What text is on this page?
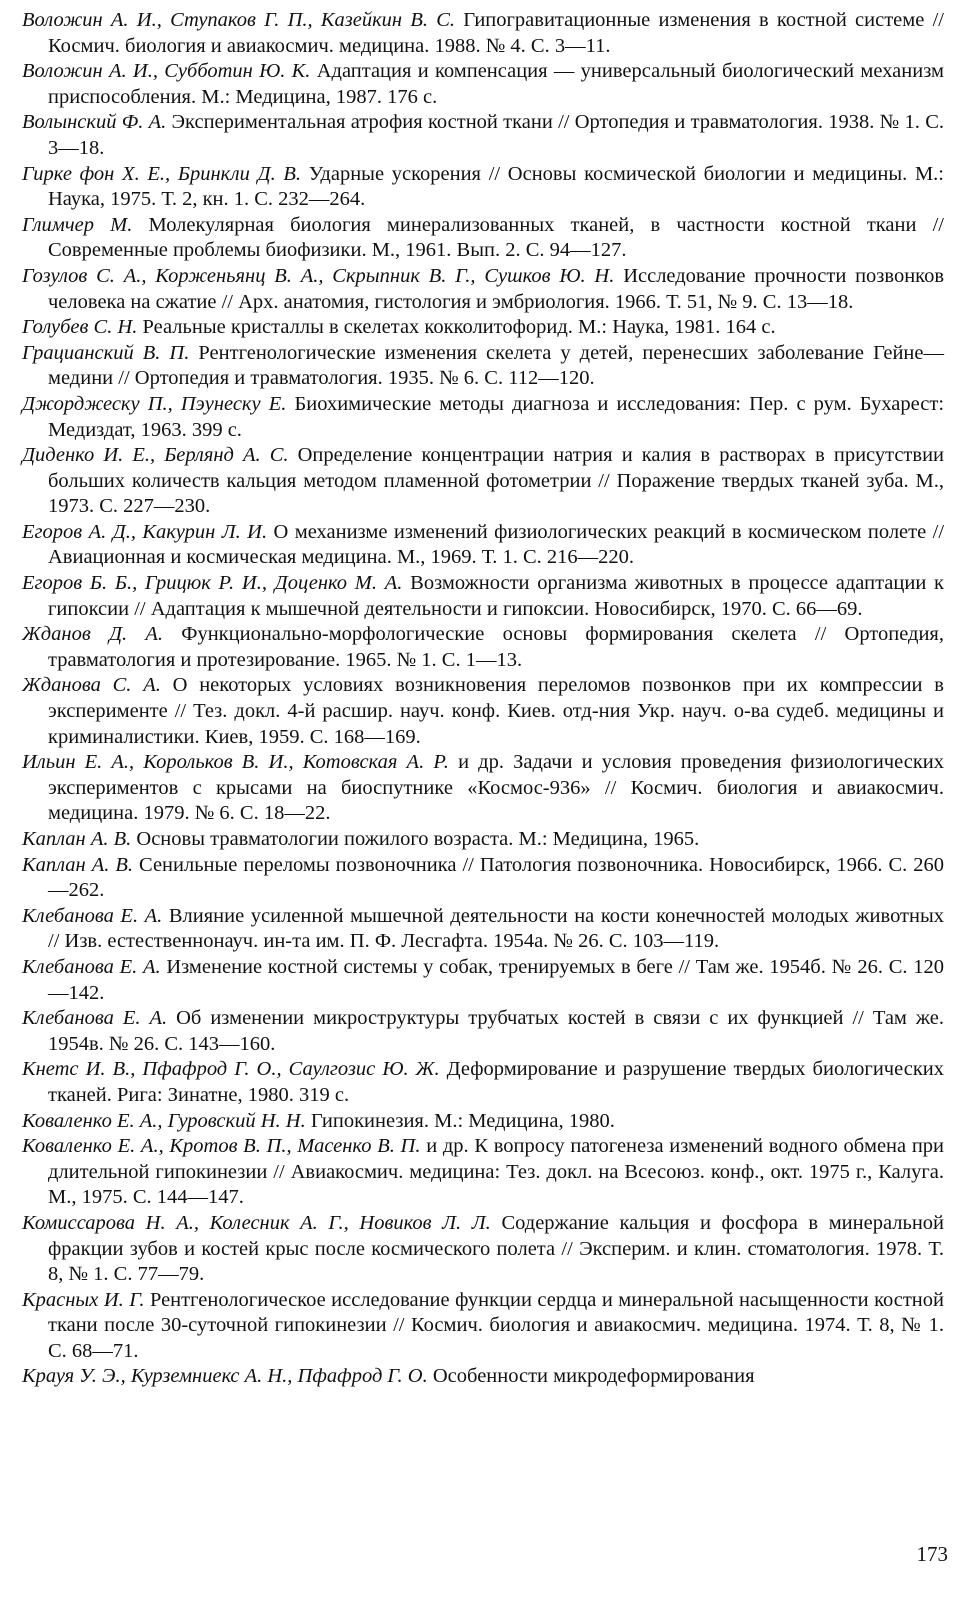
Воложин А. И., Ступаков Г. П., Казейкин В. С. Гипогравитационные изменения в костной системе // Космич. биология и авиакосмич. медицина. 1988. № 4. С. 3—11.

Воложин А. И., Субботин Ю. К. Адаптация и компенсация — универсальный биологический механизм приспособления. М.: Медицина, 1987. 176 с.

Волынский Ф. А. Экспериментальная атрофия костной ткани // Ортопедия и травматология. 1938. № 1. С. 3—18.

Гирке фон Х. Е., Бринкли Д. В. Ударные ускорения // Основы космической биологии и медицины. М.: Наука, 1975. Т. 2, кн. 1. С. 232—264.

Глимчер М. Молекулярная биология минерализованных тканей, в частности костной ткани // Современные проблемы биофизики. М., 1961. Вып. 2. С. 94—127.

Гозулов С. А., Корженьянц В. А., Скрыпник В. Г., Сушков Ю. Н. Исследование прочности позвонков человека на сжатие // Арх. анатомия, гистология и эмбриология. 1966. Т. 51, № 9. С. 13—18.

Голубев С. Н. Реальные кристаллы в скелетах кокколитофорид. М.: Наука, 1981. 164 с.

Грацианский В. П. Рентгенологические изменения скелета у детей, перенесших заболевание Гейне—медини // Ортопедия и травматология. 1935. № 6. С. 112—120.

Джорджеску П., Пэунеску Е. Биохимические методы диагноза и исследования: Пер. с рум. Бухарест: Медиздат, 1963. 399 с.

Диденко И. Е., Берлянд А. С. Определение концентрации натрия и калия в растворах в присутствии больших количеств кальция методом пламенной фотометрии // Поражение твердых тканей зуба. М., 1973. С. 227—230.

Егоров А. Д., Какурин Л. И. О механизме изменений физиологических реакций в космическом полете // Авиационная и космическая медицина. М., 1969. Т. 1. С. 216—220.

Егоров Б. Б., Грицюк Р. И., Доценко М. А. Возможности организма животных в процессе адаптации к гипоксии // Адаптация к мышечной деятельности и гипоксии. Новосибирск, 1970. С. 66—69.

Жданов Д. А. Функционально-морфологические основы формирования скелета // Ортопедия, травматология и протезирование. 1965. № 1. С. 1—13.

Жданова С. А. О некоторых условиях возникновения переломов позвонков при их компрессии в эксперименте // Тез. докл. 4-й расшир. науч. конф. Киев. отд-ния Укр. науч. о-ва судеб. медицины и криминалистики. Киев, 1959. С. 168—169.

Ильин Е. А., Корольков В. И., Котовская А. Р. и др. Задачи и условия проведения физиологических экспериментов с крысами на биоспутнике «Космос-936» // Космич. биология и авиакосмич. медицина. 1979. № 6. С. 18—22.

Каплан А. В. Основы травматологии пожилого возраста. М.: Медицина, 1965.

Каплан А. В. Сенильные переломы позвоночника // Патология позвоночника. Новосибирск, 1966. С. 260—262.

Клебанова Е. А. Влияние усиленной мышечной деятельности на кости конечностей молодых животных // Изв. естественнонауч. ин-та им. П. Ф. Лесгафта. 1954а. № 26. С. 103—119.

Клебанова Е. А. Изменение костной системы у собак, тренируемых в беге // Там же. 1954б. № 26. С. 120—142.

Клебанова Е. А. Об изменении микроструктуры трубчатых костей в связи с их функцией // Там же. 1954в. № 26. С. 143—160.

Кнетс И. В., Пфафрод Г. О., Саулгозис Ю. Ж. Деформирование и разрушение твердых биологических тканей. Рига: Зинатне, 1980. 319 с.

Коваленко Е. А., Гуровский Н. Н. Гипокинезия. М.: Медицина, 1980.

Коваленко Е. А., Кротов В. П., Масенко В. П. и др. К вопросу патогенеза изменений водного обмена при длительной гипокинезии // Авиакосмич. медицина: Тез. докл. на Всесоюз. конф., окт. 1975 г., Калуга. М., 1975. С. 144—147.

Комиссарова Н. А., Колесник А. Г., Новиков Л. Л. Содержание кальция и фосфора в минеральной фракции зубов и костей крыс после космического полета // Эксперим. и клин. стоматология. 1978. Т. 8, № 1. С. 77—79.

Красных И. Г. Рентгенологическое исследование функции сердца и минеральной насыщенности костной ткани после 30-суточной гипокинезии // Космич. биология и авиакосмич. медицина. 1974. Т. 8, № 1. С. 68—71.

Крауя У. Э., Курземниекс А. Н., Пфафрод Г. О. Особенности микродеформирования

173
